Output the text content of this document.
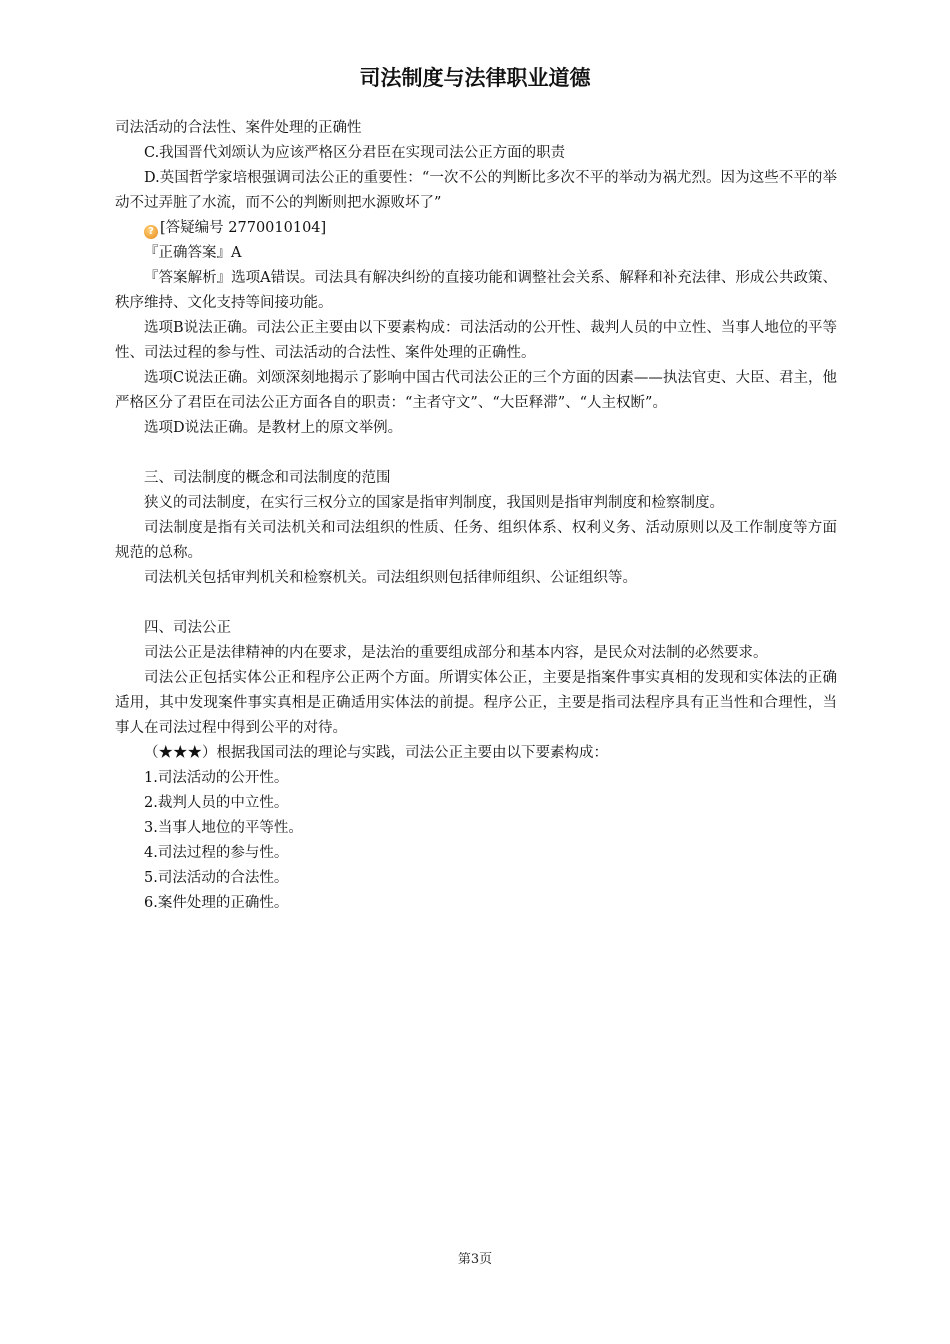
司法制度与法律职业道德

司法活动的合法性、案件处理的正确性

C.我国晋代刘颂认为应该严格区分君臣在实现司法公正方面的职责

D.英国哲学家培根强调司法公正的重要性：“一次不公的判断比多次不平的举动为祸尤烈。因为这些不平的举动不过弄脏了水流，而不公的判断则把水源败坏了”

? [答疑编号 2770010104]

『正确答案』A

『答案解析』选项A错误。司法具有解决纠纷的直接功能和调整社会关系、解释和补充法律、形成公共政策、秩序维持、文化支持等间接功能。

选项B说法正确。司法公正主要由以下要素构成：司法活动的公开性、裁判人员的中立性、当事人地位的平等性、司法过程的参与性、司法活动的合法性、案件处理的正确性。

选项C说法正确。刘颂深刻地揭示了影响中国古代司法公正的三个方面的因素——执法官吏、大臣、君主，他严格区分了君臣在司法公正方面各自的职责：“主者守文”、“大臣释滞”、“人主权断”。

选项D说法正确。是教材上的原文举例。

三、司法制度的概念和司法制度的范围

狭义的司法制度，在实行三权分立的国家是指审判制度，我国则是指审判制度和检察制度。

司法制度是指有关司法机关和司法组织的性质、任务、组织体系、权利义务、活动原则以及工作制度等方面规范的总称。

司法机关包括审判机关和检察机关。司法组织则包括律师组织、公证组织等。

四、司法公正

司法公正是法律精神的内在要求，是法治的重要组成部分和基本内容，是民众对法制的必然要求。

司法公正包括实体公正和程序公正两个方面。所谓实体公正，主要是指案件事实真相的发现和实体法的正确适用，其中发现案件事实真相是正确适用实体法的前提。程序公正，主要是指司法程序具有正当性和合理性，当事人在司法过程中得到公平的对待。

（★★★）根据我国司法的理论与实践，司法公正主要由以下要素构成：

1.司法活动的公开性。

2.裁判人员的中立性。

3.当事人地位的平等性。

4.司法过程的参与性。

5.司法活动的合法性。

6.案件处理的正确性。

第3页
